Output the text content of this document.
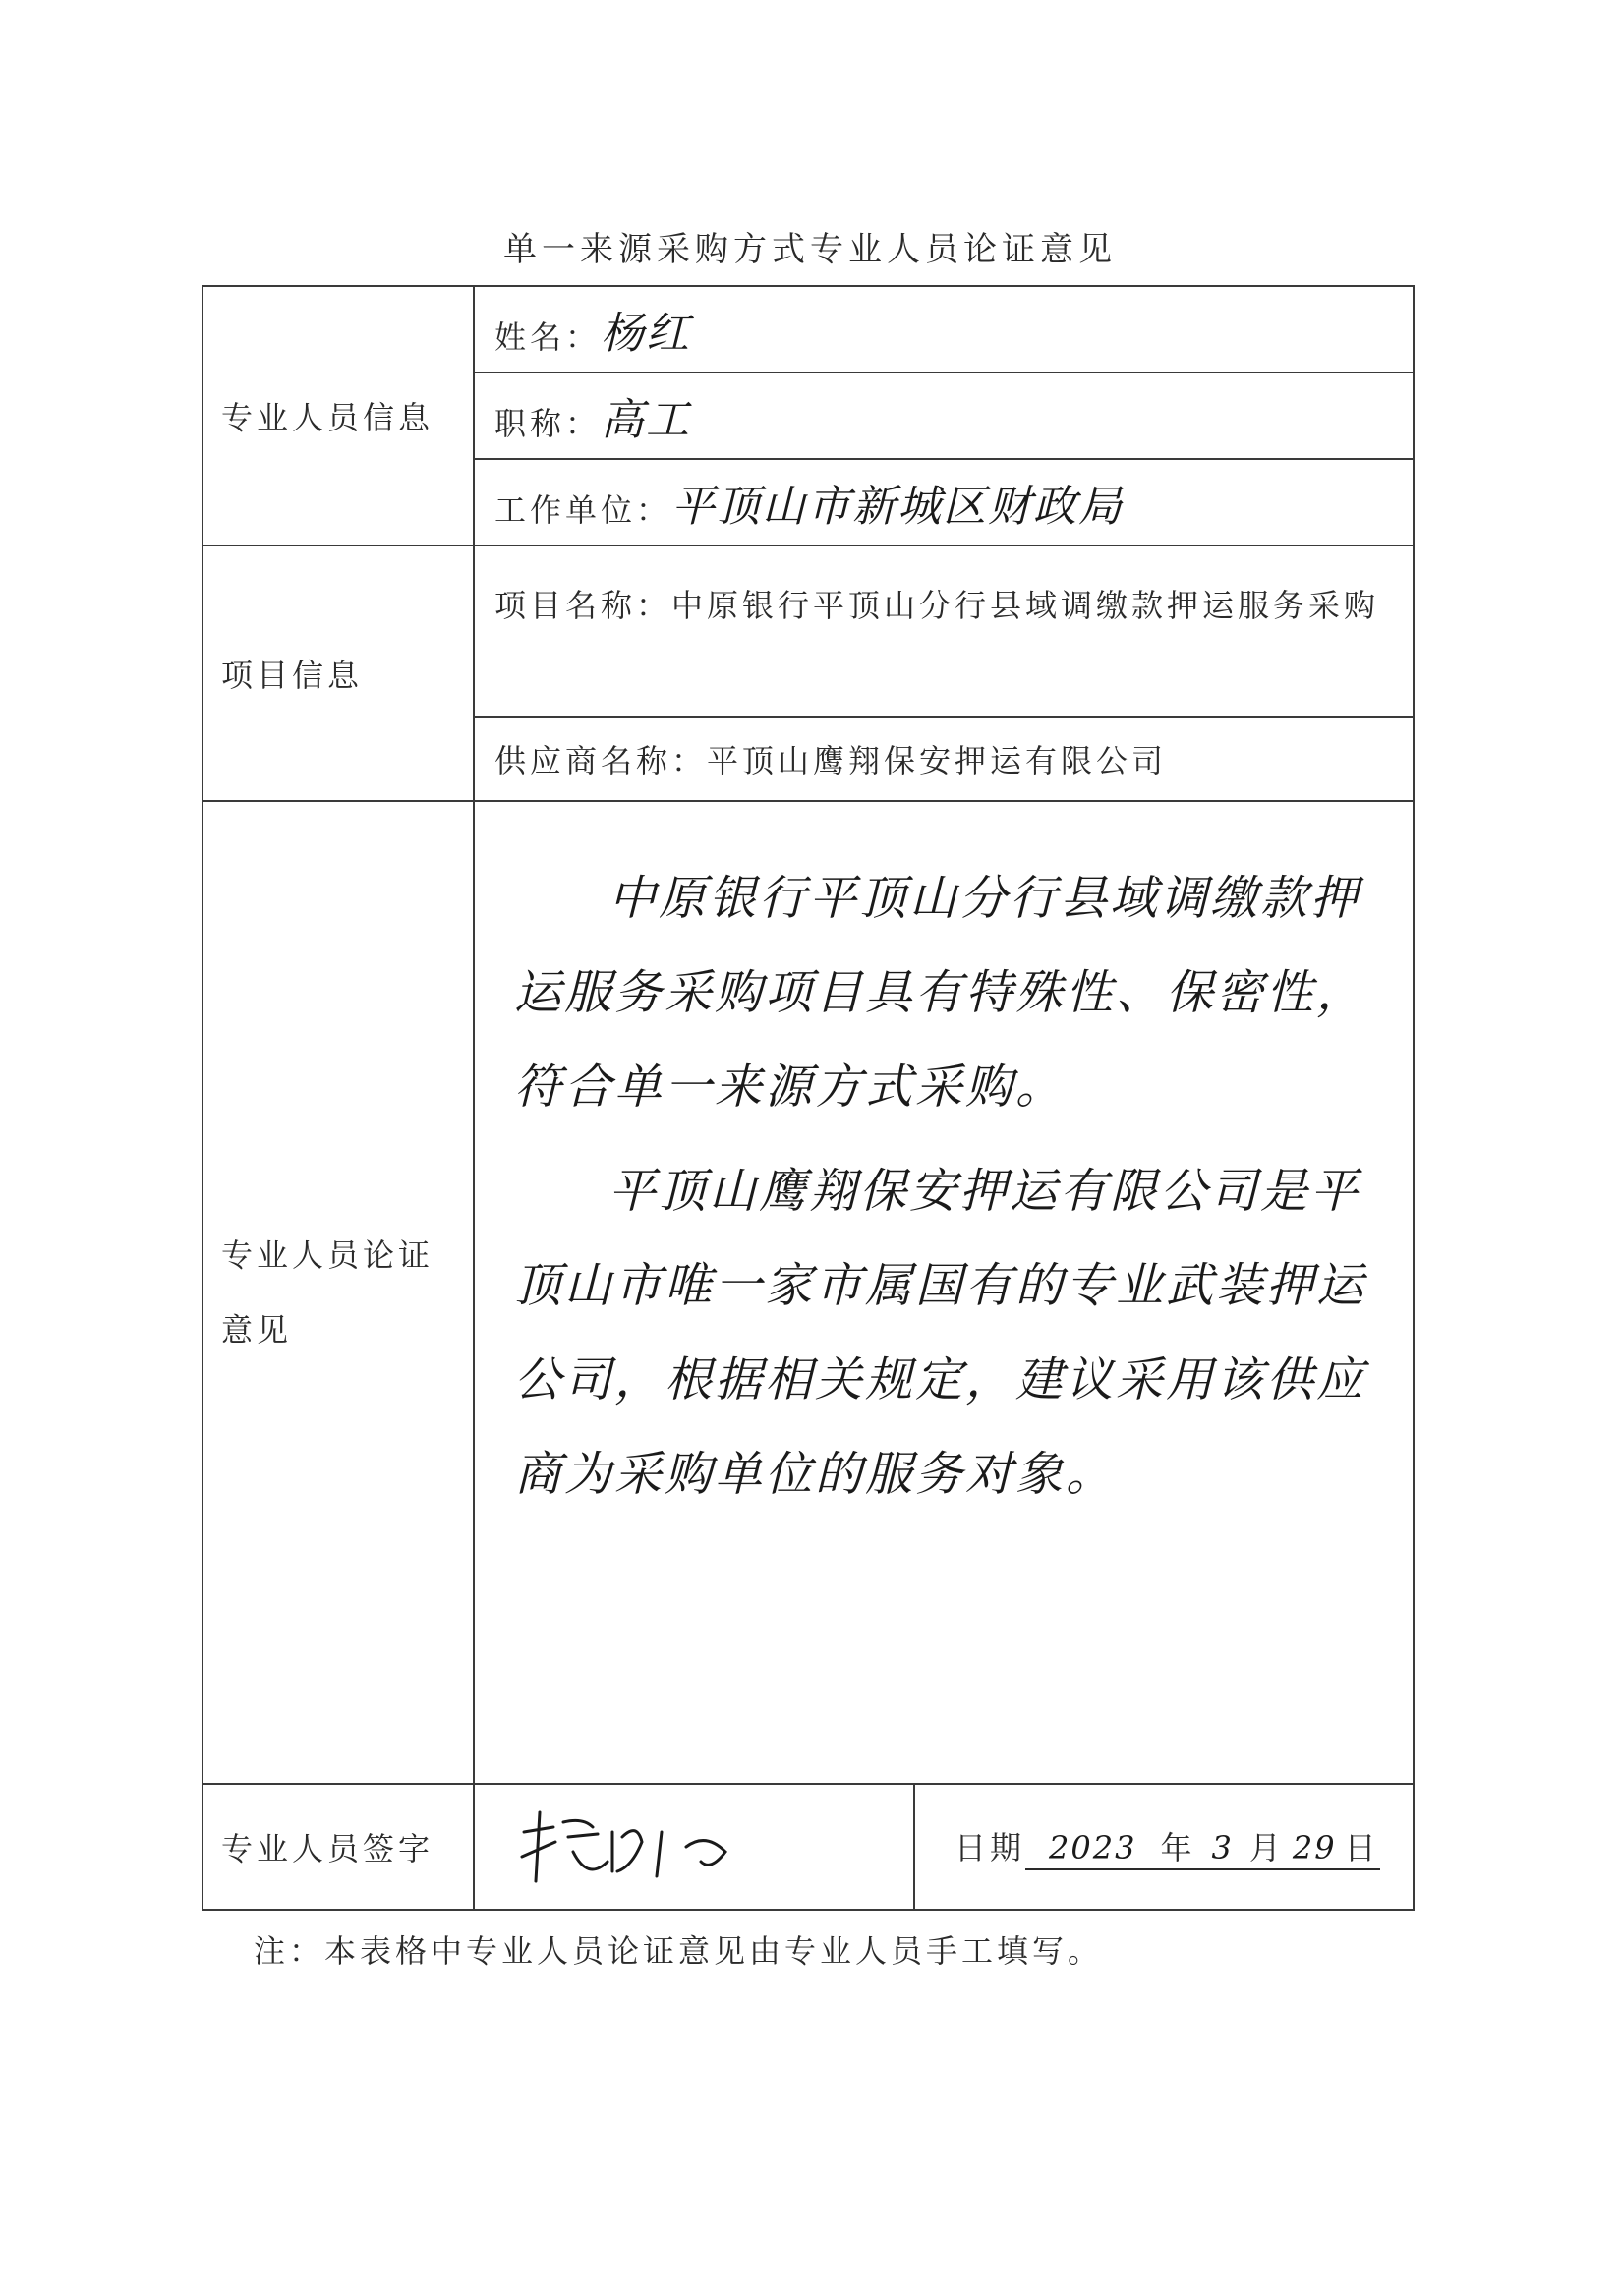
单一来源采购方式专业人员论证意见
专业人员信息	姓名：杨红	
	职称：高工	
	工作单位：平顶山市新城区财政局	
项目信息	项目名称：中原银行平顶山分行县域调缴款押运服务采购	
	供应商名称：平顶山鹰翔保安押运有限公司	
专业人员论证意见	中原银行平顶山分行县域调缴款押运服务采购项目具有特殊性、保密性，符合单一来源方式采购。

平顶山鹰翔保安押运有限公司是平顶山市唯一家市属国有的专业武装押运公司，根据相关规定，建议采用该供应商为采购单位的服务对象。	

专业人员签字		日期 2023 年 3 月 29 日
注：本表格中专业人员论证意见由专业人员手工填写。
